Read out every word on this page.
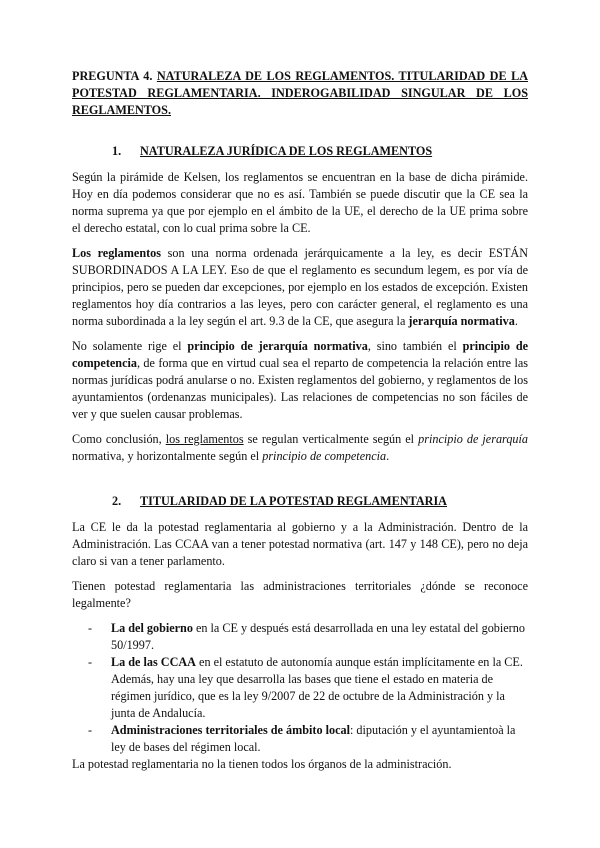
PREGUNTA 4. NATURALEZA DE LOS REGLAMENTOS. TITULARIDAD DE LA POTESTAD REGLAMENTARIA. INDEROGABILIDAD SINGULAR DE LOS REGLAMENTOS.
1. NATURALEZA JURÍDICA DE LOS REGLAMENTOS

Según la pirámide de Kelsen, los reglamentos se encuentran en la base de dicha pirámide. Hoy en día podemos considerar que no es así. También se puede discutir que la CE sea la norma suprema ya que por ejemplo en el ámbito de la UE, el derecho de la UE prima sobre el derecho estatal, con lo cual prima sobre la CE.

Los reglamentos son una norma ordenada jerárquicamente a la ley, es decir ESTÁN SUBORDINADOS A LA LEY. Eso de que el reglamento es secundum legem, es por vía de principios, pero se pueden dar excepciones, por ejemplo en los estados de excepción. Existen reglamentos hoy día contrarios a las leyes, pero con carácter general, el reglamento es una norma subordinada a la ley según el art. 9.3 de la CE, que asegura la jerarquía normativa.

No solamente rige el principio de jerarquía normativa, sino también el principio de competencia, de forma que en virtud cual sea el reparto de competencia la relación entre las normas jurídicas podrá anularse o no. Existen reglamentos del gobierno, y reglamentos de los ayuntamientos (ordenanzas municipales). Las relaciones de competencias no son fáciles de ver y que suelen causar problemas.

Como conclusión, los reglamentos se regulan verticalmente según el principio de jerarquía normativa, y horizontalmente según el principio de competencia.

2. TITULARIDAD DE LA POTESTAD REGLAMENTARIA

La CE le da la potestad reglamentaria al gobierno y a la Administración. Dentro de la Administración. Las CCAA van a tener potestad normativa (art. 147 y 148 CE), pero no deja claro si van a tener parlamento.

Tienen potestad reglamentaria las administraciones territoriales ¿dónde se reconoce legalmente?

- La del gobierno en la CE y después está desarrollada en una ley estatal del gobierno 50/1997.
- La de las CCAA en el estatuto de autonomía aunque están implícitamente en la CE. Además, hay una ley que desarrolla las bases que tiene el estado en materia de régimen jurídico, que es la ley 9/2007 de 22 de octubre de la Administración y la junta de Andalucía.
- Administraciones territoriales de ámbito local: diputación y el ayuntamientoà la ley de bases del régimen local.

La potestad reglamentaria no la tienen todos los órganos de la administración.
